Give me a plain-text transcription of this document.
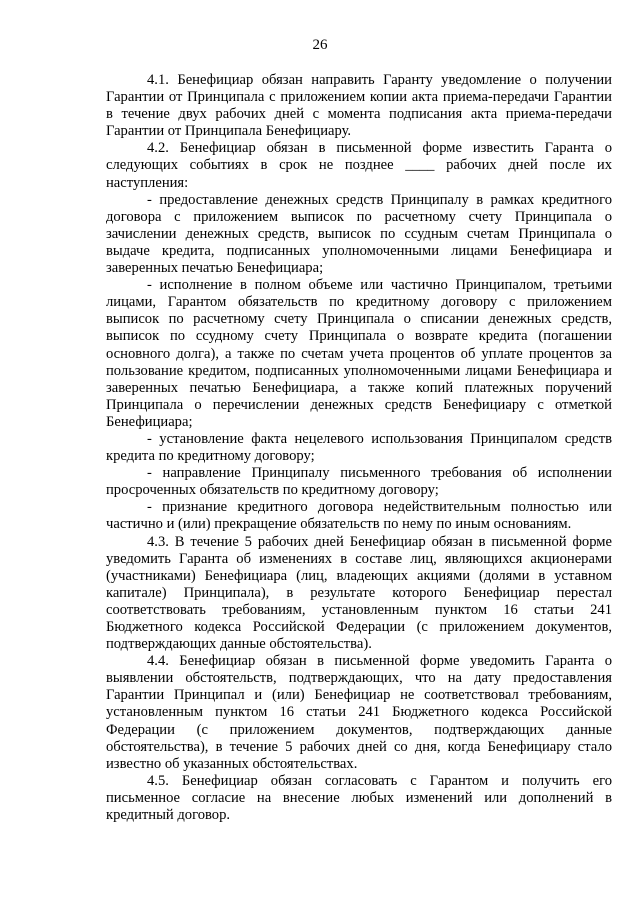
26

4.1. Бенефициар обязан направить Гаранту уведомление о получении Гарантии от Принципала с приложением копии акта приема-передачи Гарантии в течение двух рабочих дней с момента подписания акта приема-передачи Гарантии от Принципала Бенефициару.

4.2. Бенефициар обязан в письменной форме известить Гаранта о следующих событиях в срок не позднее ____ рабочих дней после их наступления:

- предоставление денежных средств Принципалу в рамках кредитного договора с приложением выписок по расчетному счету Принципала о зачислении денежных средств, выписок по ссудным счетам Принципала о выдаче кредита, подписанных уполномоченными лицами Бенефициара и заверенных печатью Бенефициара;

- исполнение в полном объеме или частично Принципалом, третьими лицами, Гарантом обязательств по кредитному договору с приложением выписок по расчетному счету Принципала о списании денежных средств, выписок по ссудному счету Принципала о возврате кредита (погашении основного долга), а также по счетам учета процентов об уплате процентов за пользование кредитом, подписанных уполномоченными лицами Бенефициара и заверенных печатью Бенефициара, а также копий платежных поручений Принципала о перечислении денежных средств Бенефициару с отметкой Бенефициара;

- установление факта нецелевого использования Принципалом средств кредита по кредитному договору;

- направление Принципалу письменного требования об исполнении просроченных обязательств по кредитному договору;

- признание кредитного договора недействительным полностью или частично и (или) прекращение обязательств по нему по иным основаниям.

4.3. В течение 5 рабочих дней Бенефициар обязан в письменной форме уведомить Гаранта об изменениях в составе лиц, являющихся акционерами (участниками) Бенефициара (лиц, владеющих акциями (долями в уставном капитале) Принципала), в результате которого Бенефициар перестал соответствовать требованиям, установленным пунктом 16 статьи 241 Бюджетного кодекса Российской Федерации (с приложением документов, подтверждающих данные обстоятельства).

4.4. Бенефициар обязан в письменной форме уведомить Гаранта о выявлении обстоятельств, подтверждающих, что на дату предоставления Гарантии Принципал и (или) Бенефициар не соответствовал требованиям, установленным пунктом 16 статьи 241 Бюджетного кодекса Российской Федерации (с приложением документов, подтверждающих данные обстоятельства), в течение 5 рабочих дней со дня, когда Бенефициару стало известно об указанных обстоятельствах.

4.5. Бенефициар обязан согласовать с Гарантом и получить его письменное согласие на внесение любых изменений или дополнений в кредитный договор.
